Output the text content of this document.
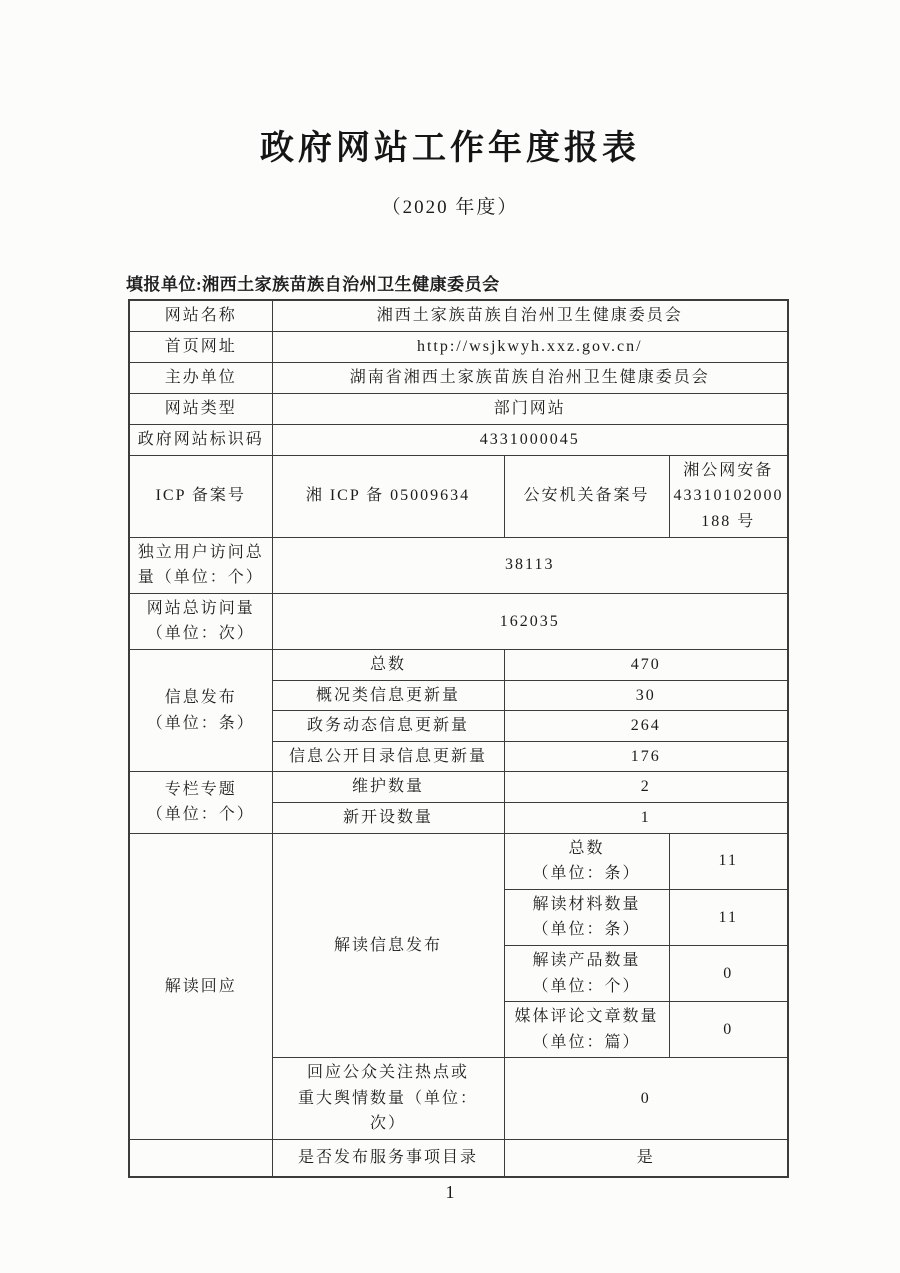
政府网站工作年度报表
（2020 年度）
填报单位:湘西土家族苗族自治州卫生健康委员会
网站名称	湘西土家族苗族自治州卫生健康委员会		
首页网址	http://wsjkwyh.xxz.gov.cn/		
主办单位	湖南省湘西土家族苗族自治州卫生健康委员会		
网站类型	部门网站		
政府网站标识码	4331000045		
ICP 备案号	湘 ICP 备 05009634	公安机关备案号	湘公网安备
43310102000
188 号
独立用户访问总
量（单位：个）	38113		
网站总访问量
（单位：次）	162035		
信息发布
（单位：条）	总数	470	
	概况类信息更新量	30	
	政务动态信息更新量	264	
	信息公开目录信息更新量	176	
专栏专题
（单位：个）	维护数量	2	
	新开设数量	1	
解读回应	解读信息发布	总数
（单位：条）	11
		解读材料数量
（单位：条）	11
		解读产品数量
（单位：个）	0
		媒体评论文章数量
（单位：篇）	0
	回应公众关注热点或
重大舆情数量（单位：
次）	0	
	是否发布服务事项目录	是	
1
